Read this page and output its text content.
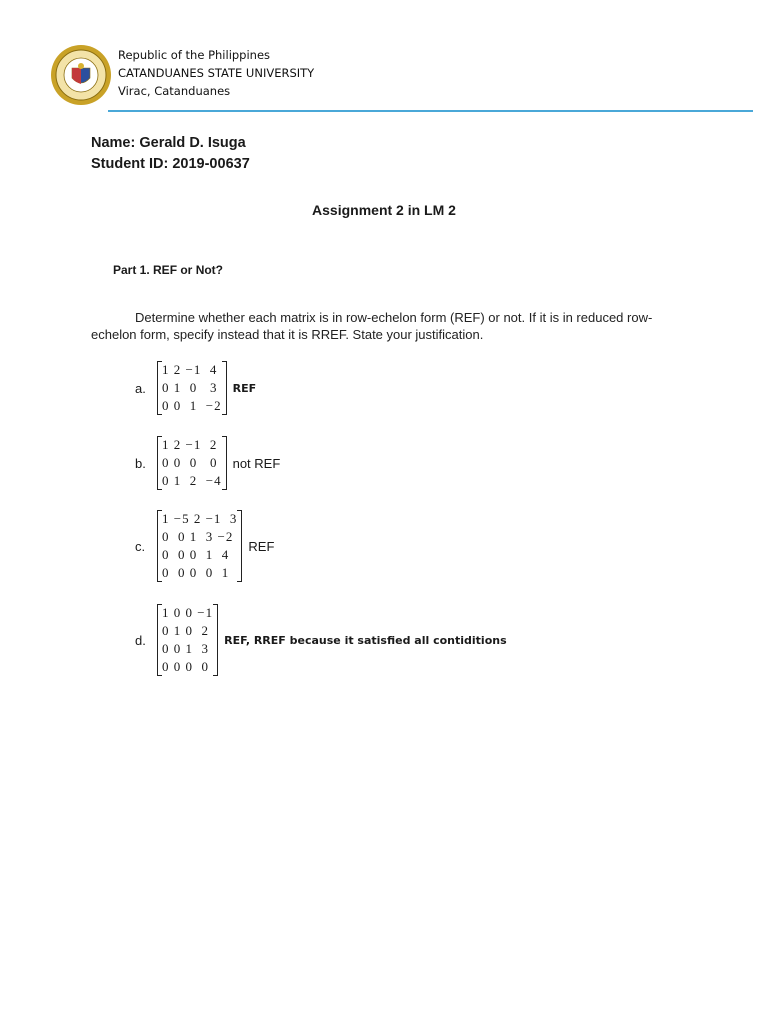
Republic of the Philippines
CATANDUANES STATE UNIVERSITY
Virac, Catanduanes
Name: Gerald D. Isuga
Student ID: 2019-00637
Assignment 2 in LM 2
Part 1. REF or Not?
Determine whether each matrix is in row-echelon form (REF) or not. If it is in reduced row-echelon form, specify instead that it is RREF. State your justification.
a.
1 2 −1  4
0 1  0   3
0 0  1  −2
REF
b.
1 2 −1  2
0 0  0   0
0 1  2  −4
not REF
c.
1 −5 2 −1  3
0  0 1  3 −2
0  0 0  1  4
0  0 0  0  1
REF
d.
1 0 0 −1
0 1 0  2
0 0 1  3
0 0 0  0
REF, RREF because it satisfied all contiditions
